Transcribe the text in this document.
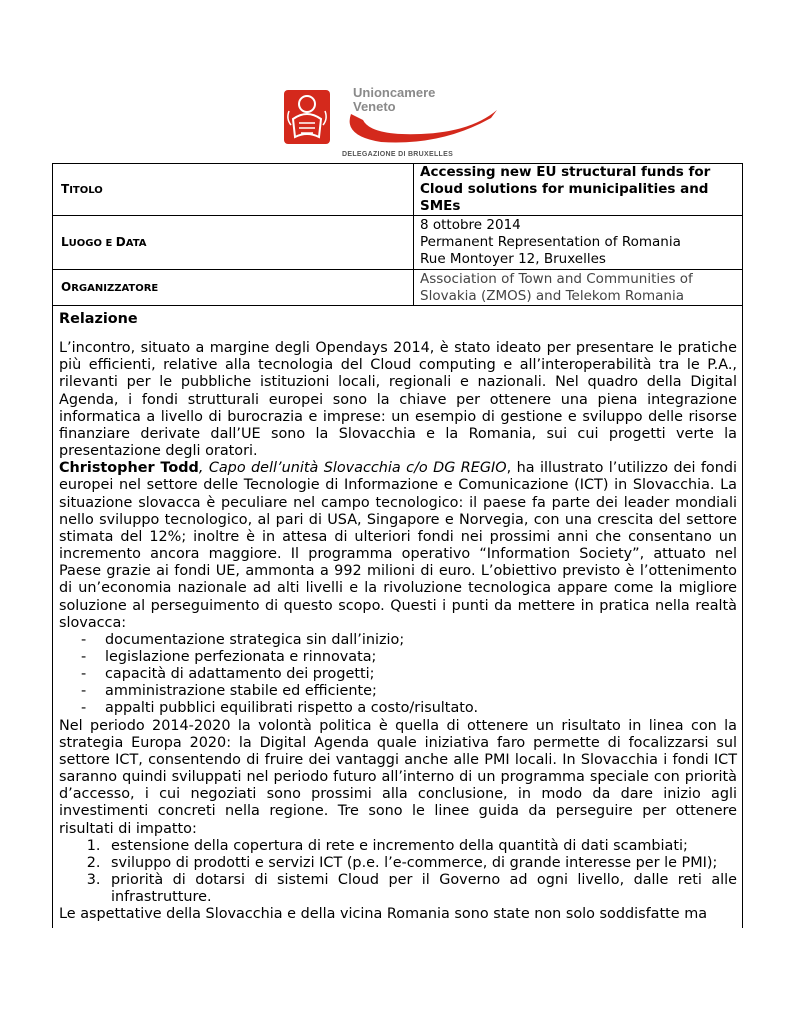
Unioncamere
Veneto
DELEGAZIONE DI BRUXELLES
TITOLO	Accessing new EU structural funds for
Cloud solutions for municipalities and
SMEs

LUOGO E DATA	8 ottobre 2014
Permanent Representation of Romania
Rue Montoyer 12, Bruxelles

ORGANIZZATORE	Association of Town and Communities of
Slovakia (ZMOS) and Telekom Romania
Relazione

L’incontro, situato a margine degli Opendays 2014, è stato ideato per presentare le pratiche più efficienti, relative alla tecnologia del Cloud computing e all’interoperabilità tra le P.A., rilevanti per le pubbliche istituzioni locali, regionali e nazionali. Nel quadro della Digital Agenda, i fondi strutturali europei sono la chiave per ottenere una piena integrazione informatica a livello di burocrazia e imprese: un esempio di gestione e sviluppo delle risorse finanziare derivate dall’UE sono la Slovacchia e la Romania, sui cui progetti verte la presentazione degli oratori.

Christopher Todd, Capo dell’unità Slovacchia c/o DG REGIO, ha illustrato l’utilizzo dei fondi europei nel settore delle Tecnologie di Informazione e Comunicazione (ICT) in Slovacchia. La situazione slovacca è peculiare nel campo tecnologico: il paese fa parte dei leader mondiali nello sviluppo tecnologico, al pari di USA, Singapore e Norvegia, con una crescita del settore stimata del 12%; inoltre è in attesa di ulteriori fondi nei prossimi anni che consentano un incremento ancora maggiore. Il programma operativo “Information Society”, attuato nel Paese grazie ai fondi UE, ammonta a 992 milioni di euro. L’obiettivo previsto è l’ottenimento di un’economia nazionale ad alti livelli e la rivoluzione tecnologica appare come la migliore soluzione al perseguimento di questo scopo. Questi i punti da mettere in pratica nella realtà slovacca:

- documentazione strategica sin dall’inizio;
- legislazione perfezionata e rinnovata;
- capacità di adattamento dei progetti;
- amministrazione stabile ed efficiente;
- appalti pubblici equilibrati rispetto a costo/risultato.

Nel periodo 2014-2020 la volontà politica è quella di ottenere un risultato in linea con la strategia Europa 2020: la Digital Agenda quale iniziativa faro permette di focalizzarsi sul settore ICT, consentendo di fruire dei vantaggi anche alle PMI locali. In Slovacchia i fondi ICT saranno quindi sviluppati nel periodo futuro all’interno di un programma speciale con priorità d’accesso, i cui negoziati sono prossimi alla conclusione, in modo da dare inizio agli investimenti concreti nella regione. Tre sono le linee guida da perseguire per ottenere risultati di impatto:

1. estensione della copertura di rete e incremento della quantità di dati scambiati;
2. sviluppo di prodotti e servizi ICT (p.e. l’e-commerce, di grande interesse per le PMI);
3. priorità di dotarsi di sistemi Cloud per il Governo ad ogni livello, dalle reti alle infrastrutture.

Le aspettative della Slovacchia e della vicina Romania sono state non solo soddisfatte ma
